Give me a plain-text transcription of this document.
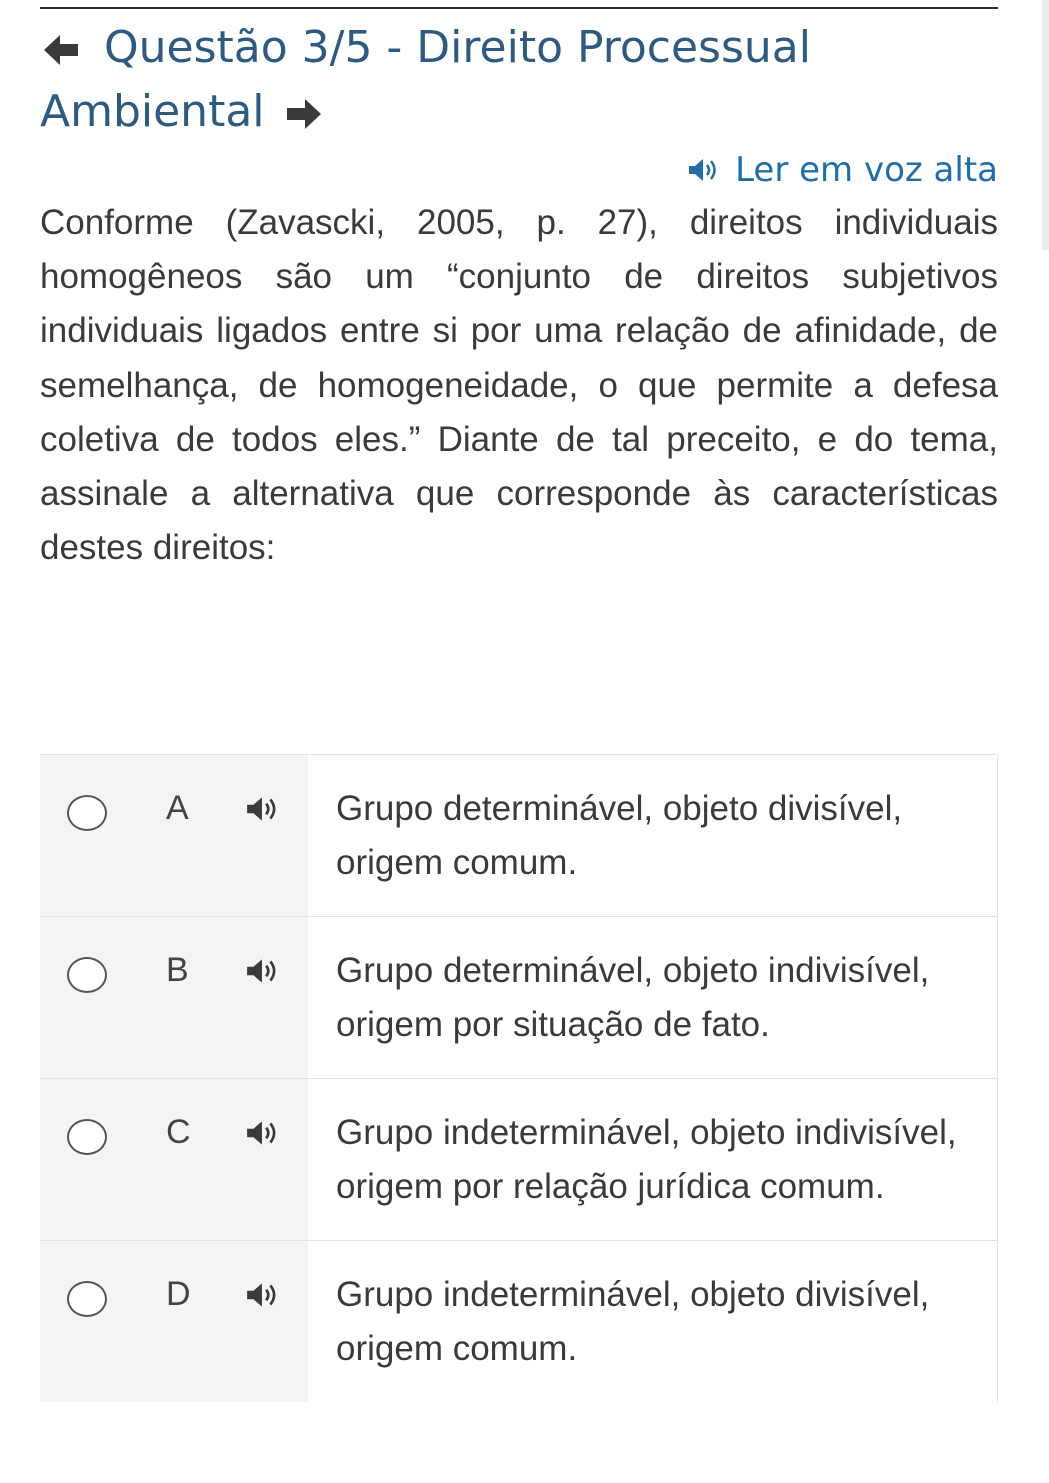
Questão 3/5 - Direito Processual Ambiental
Ler em voz alta
Conforme (Zavascki, 2005, p. 27), direitos individuais homogêneos são um “conjunto de direitos subjetivos individuais ligados entre si por uma relação de afinidade, de semelhança, de homogeneidade, o que permite a defesa coletiva de todos eles.” Diante de tal preceito, e do tema, assinale a alternativa que corresponde às características destes direitos:
A	Grupo determinável, objeto divisível, origem comum.
B	Grupo determinável, objeto indivisível, origem por situação de fato.
C	Grupo indeterminável, objeto indivisível, origem por relação jurídica comum.
D	Grupo indeterminável, objeto divisível, origem comum.
